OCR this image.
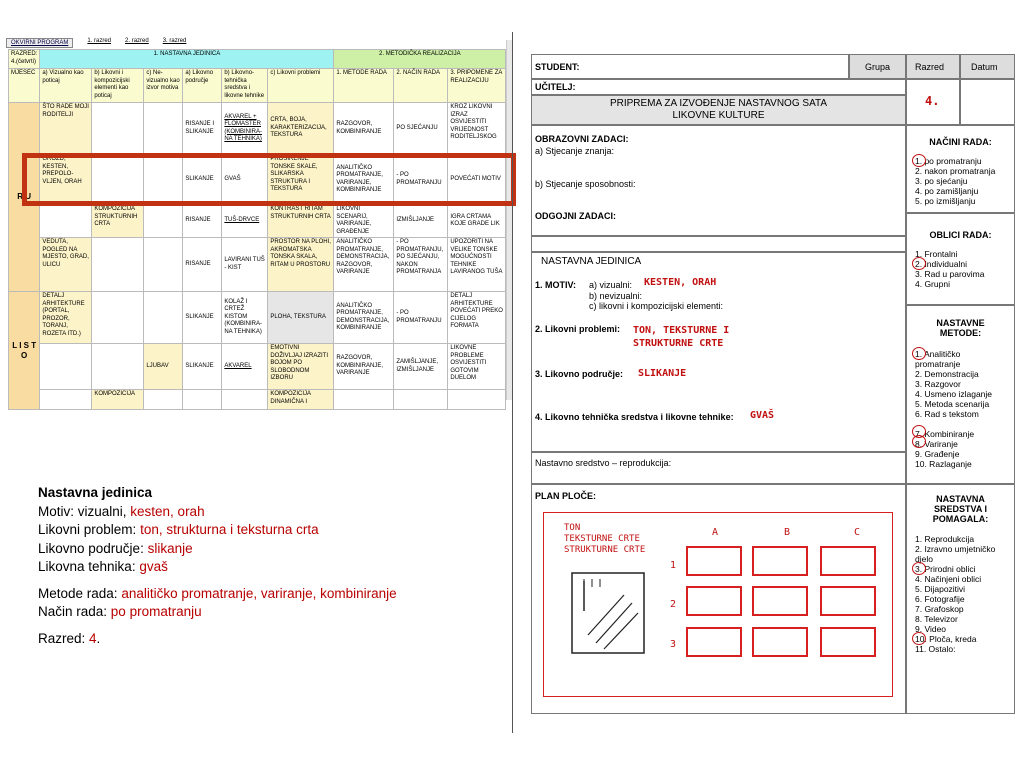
OKVIRNI PROGRAM	1. razred 2. razred 3. razred
RAZRED: 4.(četvrti)	1. NASTAVNA JEDINICA						2. METODIČKA REALIZACIJA		
MJESEC	a) Vizualno kao poticaj	b) Likovni i kompozicijski elementi kao poticaj	c) Ne-vizualno kao izvor motiva	a) Likovno područje	b) Likovno-tehnička sredstva i likovne tehnike	c) Likovni problemi	1. METODE RADA	2. NAČIN RADA	3. PRIPOMENE ZA REALIZACIJU
R U	ŠTO RADE MOJI RODITELJI			RISANJE I SLIKANJE	AKVAREL + FLOMASTER (KOMBINIRA-NA TEHNIKA)	CRTA, BOJA, KARAKTERIZACIJA, TEKSTURA	RAZGOVOR, KOMBINIRANJE	PO SJEĆANJU	KROZ LIKOVNI IZRAZ OSVIJESTITI VRIJEDNOST RODITELJSKOG
	GROŽĐ, KESTEN, PREPOLO-VLJEN, ORAH			SLIKANJE	GVAŠ	PROŠIRENJE TONSKE SKALE, SLIKARSKA STRUKTURA I TEKSTURA	ANALITIČKO PROMATRANJE, VARIRANJE, KOMBINIRANJE	- PO PROMATRANJU	POVEĆATI MOTIV
		KOMPOZICIJA STRUKTURNIH CRTA		RISANJE	TUŠ-DRVCE	KONTRAST RITAM STRUKTURNIH CRTA	LIKOVNI SCENARIJ, VARIRANJE, GRAĐENJE	IZMIŠLJANJE	IGRA CRTAMA KOJE GRADE LIK
	VEDUTA, POGLED NA MJESTO, GRAD, ULICU			RISANJE	LAVIRANI TUŠ - KIST	PROSTOR NA PLOHI, AKROMATSKA TONSKA SKALA, RITAM U PROSTORU	ANALITIČKO PROMATRANJE, DEMONSTRACIJA, RAZGOVOR, VARIRANJE	- PO PROMATRANJU, PO SJEĆANJU, NAKON PROMATRANJA	UPOZORITI NA VELIKE TONSKE MOGUĆNOSTI TEHNIKE LAVIRANOG TUŠA
L I S T O	DETALJ ARHITEKTURE (PORTAL, PROZOR, TORANJ, ROZETA ITD.)			SLIKANJE	KOLAŽ I CRTEŽ KISTOM (KOMBINIRA-NA TEHNIKA)	PLOHA, TEKSTURA	ANALITIČKO PROMATRANJE, DEMONSTRACIJA, KOMBINIRANJE	- PO PROMATRANJU	DETALJ ARHITEKTURE POVEĆATI PREKO CIJELOG FORMATA
			LJUBAV	SLIKANJE	AKVAREL	EMOTIVNI DOŽIVLJAJ IZRAZITI BOJOM PO SLOBODNOM IZBORU	RAZGOVOR, KOMBINIRANJE, VARIRANJE	ZAMIŠLJANJE, IZMIŠLJANJE	LIKOVNE PROBLEME OSVIJESTITI GOTOVIM DUELOM
		KOMPOZICIJA				KOMPOZICIJA DINAMIČNA I			
Nastavna jedinica
Motiv: vizualni, kesten, orah
Likovni problem: ton, strukturna i teksturna crta
Likovno područje: slikanje
Likovna tehnika: gvaš
Metode rada: analitičko promatranje, variranje, kombiniranje
Način rada: po promatranju
Razred: 4.
STUDENT:	Grupa	Razred	Datum
UČITELJ:
4.
PRIPREMA ZA IZVOĐENJE NASTAVNOG SATA
LIKOVNE KULTURE
OBRAZOVNI ZADACI:
a) Stjecanje znanja:
b) Stjecanje sposobnosti:
ODGOJNI ZADACI:
NASTAVNA JEDINICA
1. MOTIV: a) vizualni: KESTEN, ORAH
b) nevizualni:
c) likovni i kompozicijski elementi:
2. Likovni problemi: TON, TEKSTURNE I
STRUKTURNE CRTE
3. Likovno područje: SLIKANJE
4. Likovno tehnička sredstva i likovne tehnike: GVAŠ
Nastavno sredstvo – reprodukcija:
PLAN PLOČE:
TON
TEKSTURNE CRTE
STRUKTURNE CRTE
A	B	C
1
2
3
NAČINI RADA:
1. po promatranju
2. nakon promatranja
3. po sjećanju
4. po zamišljanju
5. po izmišljanju
OBLICI RADA:
1. Frontalni
2. Individualni
3. Rad u parovima
4. Grupni
NASTAVNE
METODE:
1. Analitičko
promatranje
2. Demonstracija
3. Razgovor
4. Usmeno izlaganje
5. Metoda scenarija
6. Rad s tekstom
7. Kombiniranje
8. Variranje
9. Građenje
10. Razlaganje
NASTAVNA
SREDSTVA I
POMAGALA:
1. Reprodukcija
2. Izravno umjetničko
djelo
3. Prirodni oblici
4. Načinjeni oblici
5. Dijapozitivi
6. Fotografije
7. Grafoskop
8. Televizor
9. Video
10. Ploča, kreda
11. Ostalo:
